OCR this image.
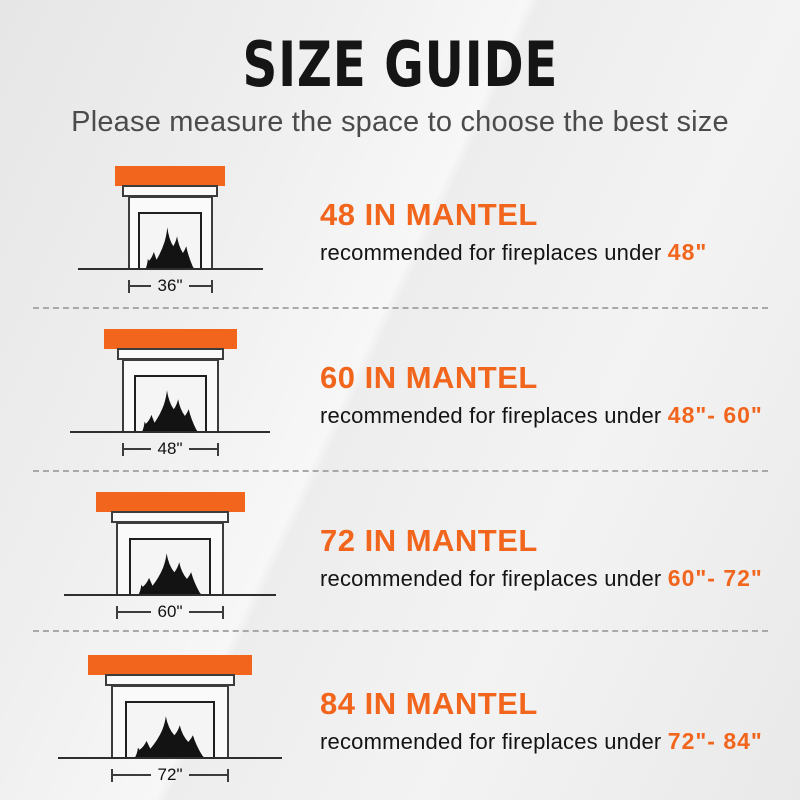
SIZE GUIDE
Please measure the space to choose the best size
36"
48 IN MANTEL

recommended for fireplaces under 48"

48"
60 IN MANTEL

recommended for fireplaces under 48"- 60"

60"
72 IN MANTEL

recommended for fireplaces under 60"- 72"

72"
84 IN MANTEL

recommended for fireplaces under 72"- 84"
